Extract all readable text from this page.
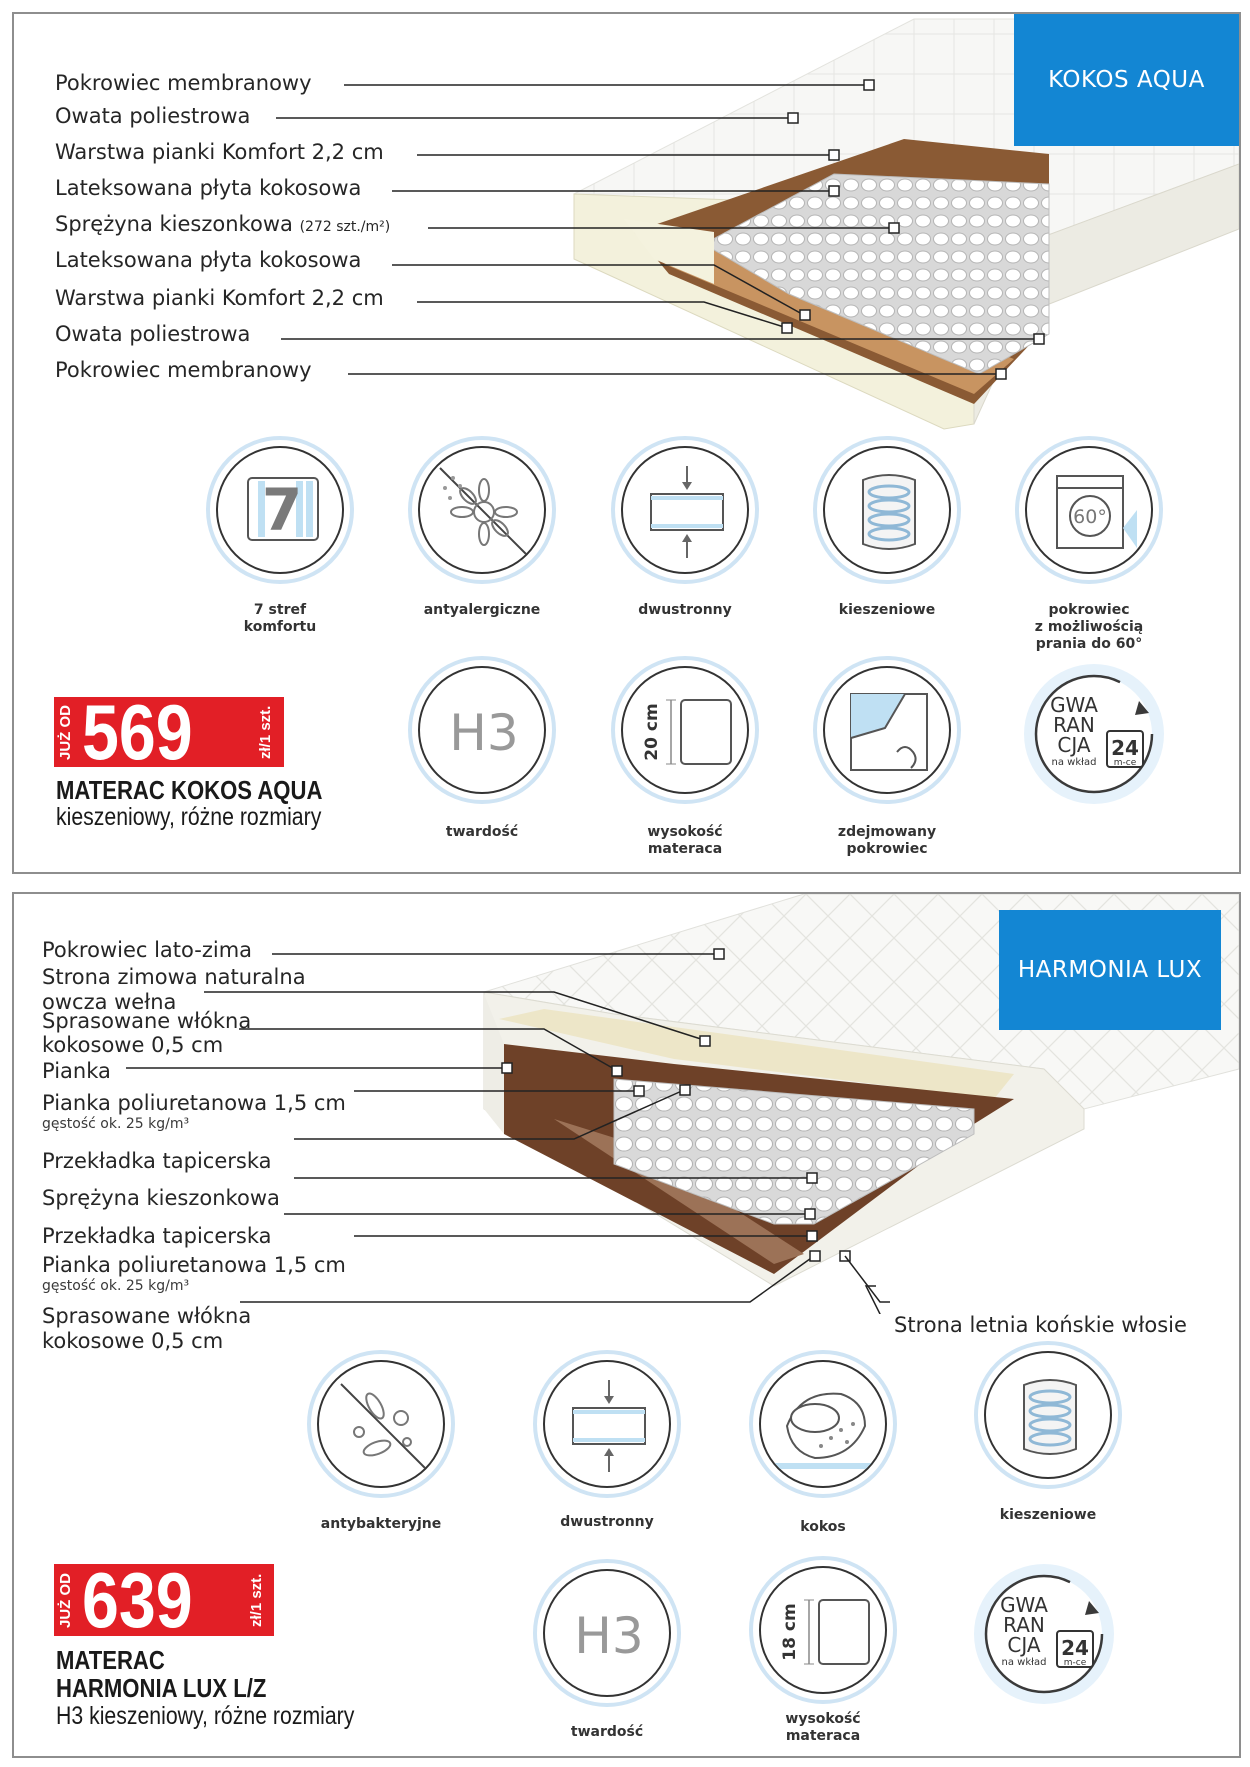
KOKOS AQUA
Pokrowiec membranowy
Owata poliestrowa
Warstwa pianki Komfort 2,2 cm
Lateksowana płyta kokosowa
Sprężyna kieszonkowa (272 szt./m²)
Lateksowana płyta kokosowa
Warstwa pianki Komfort 2,2 cm
Owata poliestrowa
Pokrowiec membranowy
7	60°
7 stref
komfortu
antyalergiczne	dwustronny	kieszeniowe	pokrowiec
z możliwością
prania do 60°
H3	20 cm
twardość	wysokość
materaca
zdejmowany
pokrowiec
GWA
RAN
CJA
na wkład
24
m-ce
JUŻ OD 569	zł/1 szt.
MATERAC KOKOS AQUA
kieszeniowy, różne rozmiary
HARMONIA LUX
Pokrowiec lato-zima
Strona zimowa naturalna
owcza wełna
Sprasowane włókna
kokosowe 0,5 cm
Pianka
Pianka poliuretanowa 1,5 cm
gęstość ok. 25 kg/m³
Przekładka tapicerska
Sprężyna kieszonkowa
Przekładka tapicerska
Pianka poliuretanowa 1,5 cm
gęstość ok. 25 kg/m³
Sprasowane włókna
kokosowe 0,5 cm
Strona letnia końskie włosie
antybakteryjne	dwustronny	kokos
kieszeniowe
H3	18 cm
twardość
wysokość
materaca
GWA
RAN
CJA
na wkład
24
m-ce
JUŻ OD 639	zł/1 szt.
MATERAC
HARMONIA LUX L/Z
H3 kieszeniowy, różne rozmiary
